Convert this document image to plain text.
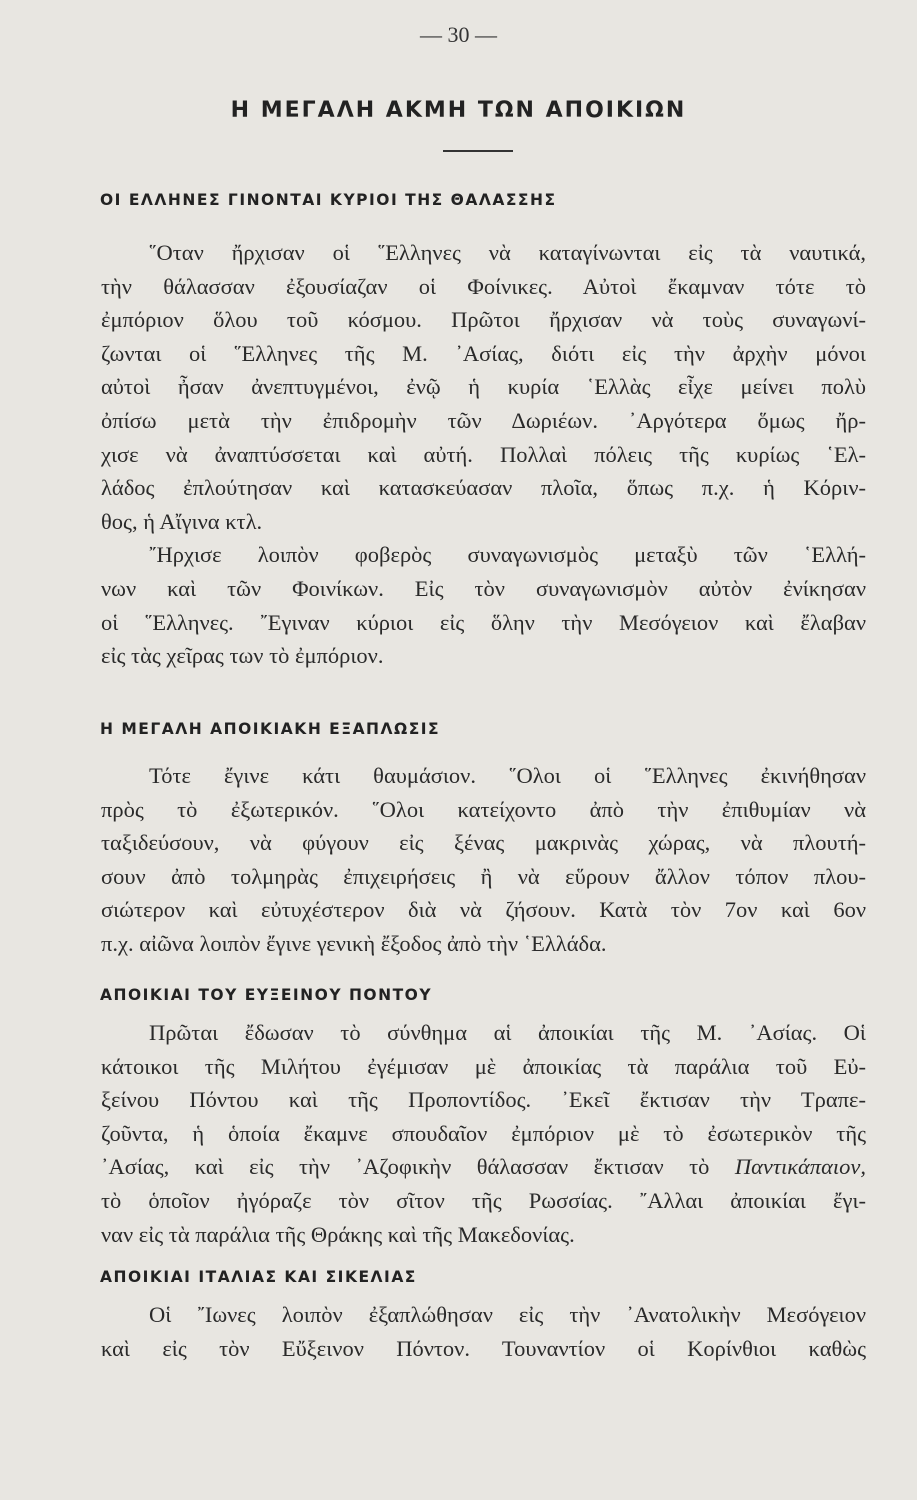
— 30 —
Η ΜΕΓΑΛΗ ΑΚΜΗ ΤΩΝ ΑΠΟΙΚΙΩΝ
ΟΙ ΕΛΛΗΝΕΣ ΓΙΝΟΝΤΑΙ ΚΥΡΙΟΙ ΤΗΣ ΘΑΛΑΣΣΗΣ
῞Οταν ἤρχισαν οἱ ῞Ελληνες νὰ καταγίνωνται εἰς τὰ ναυτικά,
τὴν θάλασσαν ἐξουσίαζαν οἱ Φοίνικες. Αὐτοὶ ἔκαμναν τότε τὸ
ἐμπόριον ὅλου τοῦ κόσμου. Πρῶτοι ἤρχισαν νὰ τοὺς συναγωνί-
ζωνται οἱ ῞Ελληνες τῆς Μ. ᾿Ασίας, διότι εἰς τὴν ἀρχὴν μόνοι
αὐτοὶ ἦσαν ἀνεπτυγμένοι, ἐνῷ ἡ κυρία ῾Ελλὰς εἶχε μείνει πολὺ
ὀπίσω μετὰ τὴν ἐπιδρομὴν τῶν Δωριέων. ᾿Αργότερα ὅμως ἤρ-
χισε νὰ ἀναπτύσσεται καὶ αὐτή. Πολλαὶ πόλεις τῆς κυρίως ῾Ελ-
λάδος ἐπλούτησαν καὶ κατασκεύασαν πλοῖα, ὅπως π.χ. ἡ Κόριν-
θος, ἡ Αἴγινα κτλ.
῎Ηρχισε λοιπὸν φοβερὸς συναγωνισμὸς μεταξὺ τῶν ῾Ελλή-
νων καὶ τῶν Φοινίκων. Εἰς τὸν συναγωνισμὸν αὐτὸν ἐνίκησαν
οἱ ῞Ελληνες. ῎Εγιναν κύριοι εἰς ὅλην τὴν Μεσόγειον καὶ ἔλαβαν
εἰς τὰς χεῖρας των τὸ ἐμπόριον.
Η ΜΕΓΑΛΗ ΑΠΟΙΚΙΑΚΗ ΕΞΑΠΛΩΣΙΣ
Τότε ἔγινε κάτι θαυμάσιον. ῞Ολοι οἱ ῞Ελληνες ἐκινήθησαν
πρὸς τὸ ἐξωτερικόν. ῞Ολοι κατείχοντο ἀπὸ τὴν ἐπιθυμίαν νὰ
ταξιδεύσουν, νὰ φύγουν εἰς ξένας μακρινὰς χώρας, νὰ πλουτή-
σουν ἀπὸ τολμηρὰς ἐπιχειρήσεις ἢ νὰ εὕρουν ἄλλον τόπον πλου-
σιώτερον καὶ εὐτυχέστερον διὰ νὰ ζήσουν. Κατὰ τὸν 7ον καὶ 6ον
π.χ. αἰῶνα λοιπὸν ἔγινε γενικὴ ἔξοδος ἀπὸ τὴν ῾Ελλάδα.
ΑΠΟΙΚΙΑΙ ΤΟΥ ΕΥΞΕΙΝΟΥ ΠΟΝΤΟΥ
Πρῶται ἔδωσαν τὸ σύνθημα αἱ ἀποικίαι τῆς Μ. ᾿Ασίας. Οἱ
κάτοικοι τῆς Μιλήτου ἐγέμισαν μὲ ἀποικίας τὰ παράλια τοῦ Εὐ-
ξείνου Πόντου καὶ τῆς Προποντίδος. ᾿Εκεῖ ἔκτισαν τὴν Τραπε-
ζοῦντα, ἡ ὁποία ἔκαμνε σπουδαῖον ἐμπόριον μὲ τὸ ἐσωτερικὸν τῆς
᾿Ασίας, καὶ εἰς τὴν ᾿Αζοφικὴν θάλασσαν ἔκτισαν τὸ Παντικάπαιον,
τὸ ὁποῖον ἠγόραζε τὸν σῖτον τῆς Ρωσσίας. ῎Αλλαι ἀποικίαι ἔγι-
ναν εἰς τὰ παράλια τῆς Θράκης καὶ τῆς Μακεδονίας.
ΑΠΟΙΚΙΑΙ ΙΤΑΛΙΑΣ ΚΑΙ ΣΙΚΕΛΙΑΣ
Οἱ ῎Ιωνες λοιπὸν ἐξαπλώθησαν εἰς τὴν ᾿Ανατολικὴν Μεσόγειον
καὶ εἰς τὸν Εὔξεινον Πόντον. Τουναντίον οἱ Κορίνθιοι καθὼς
